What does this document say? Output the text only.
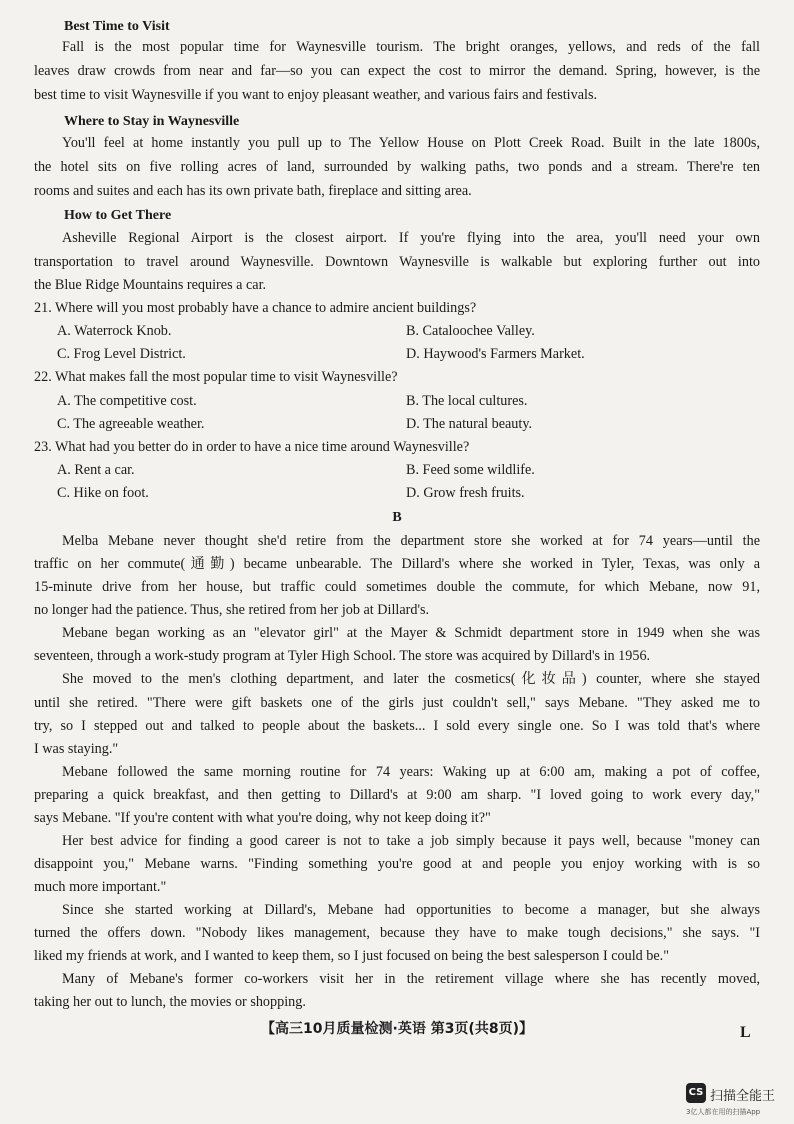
Best Time to Visit
Fall is the most popular time for Waynesville tourism. The bright oranges, yellows, and reds of the fall
leaves draw crowds from near and far—so you can expect the cost to mirror the demand. Spring, however, is the
best time to visit Waynesville if you want to enjoy pleasant weather, and various fairs and festivals.
Where to Stay in Waynesville
You'll feel at home instantly you pull up to The Yellow House on Plott Creek Road. Built in the late 1800s,
the hotel sits on five rolling acres of land, surrounded by walking paths, two ponds and a stream. There're ten
rooms and suites and each has its own private bath, fireplace and sitting area.
How to Get There
Asheville Regional Airport is the closest airport. If you're flying into the area, you'll need your own
transportation to travel around Waynesville. Downtown Waynesville is walkable but exploring further out into
the Blue Ridge Mountains requires a car.
21. Where will you most probably have a chance to admire ancient buildings?
A. Waterrock Knob.	B. Cataloochee Valley.
C. Frog Level District.	D. Haywood's Farmers Market.
22. What makes fall the most popular time to visit Waynesville?
A. The competitive cost.	B. The local cultures.
C. The agreeable weather.	D. The natural beauty.
23. What had you better do in order to have a nice time around Waynesville?
A. Rent a car.	B. Feed some wildlife.
C. Hike on foot.	D. Grow fresh fruits.
B
Melba Mebane never thought she'd retire from the department store she worked at for 74 years—until the
traffic on her commute(通勤) became unbearable. The Dillard's where she worked in Tyler, Texas, was only a
15-minute drive from her house, but traffic could sometimes double the commute, for which Mebane, now 91,
no longer had the patience. Thus, she retired from her job at Dillard's.
Mebane began working as an "elevator girl" at the Mayer & Schmidt department store in 1949 when she was
seventeen, through a work-study program at Tyler High School. The store was acquired by Dillard's in 1956.
She moved to the men's clothing department, and later the cosmetics(化妆品) counter, where she stayed
until she retired. "There were gift baskets one of the girls just couldn't sell," says Mebane. "They asked me to
try, so I stepped out and talked to people about the baskets... I sold every single one. So I was told that's where
I was staying."
Mebane followed the same morning routine for 74 years: Waking up at 6:00 am, making a pot of coffee,
preparing a quick breakfast, and then getting to Dillard's at 9:00 am sharp. "I loved going to work every day,"
says Mebane. "If you're content with what you're doing, why not keep doing it?"
Her best advice for finding a good career is not to take a job simply because it pays well, because "money can
disappoint you," Mebane warns. "Finding something you're good at and people you enjoy working with is so
much more important."
Since she started working at Dillard's, Mebane had opportunities to become a manager, but she always
turned the offers down. "Nobody likes management, because they have to make tough decisions," she says. "I
liked my friends at work, and I wanted to keep them, so I just focused on being the best salesperson I could be."
Many of Mebane's former co-workers visit her in the retirement village where she has recently moved,
taking her out to lunch, the movies or shopping.
【高三10月质量检测·英语 第3页(共8页)】	L
CS 扫描全能王
3亿人都在用的扫描App
